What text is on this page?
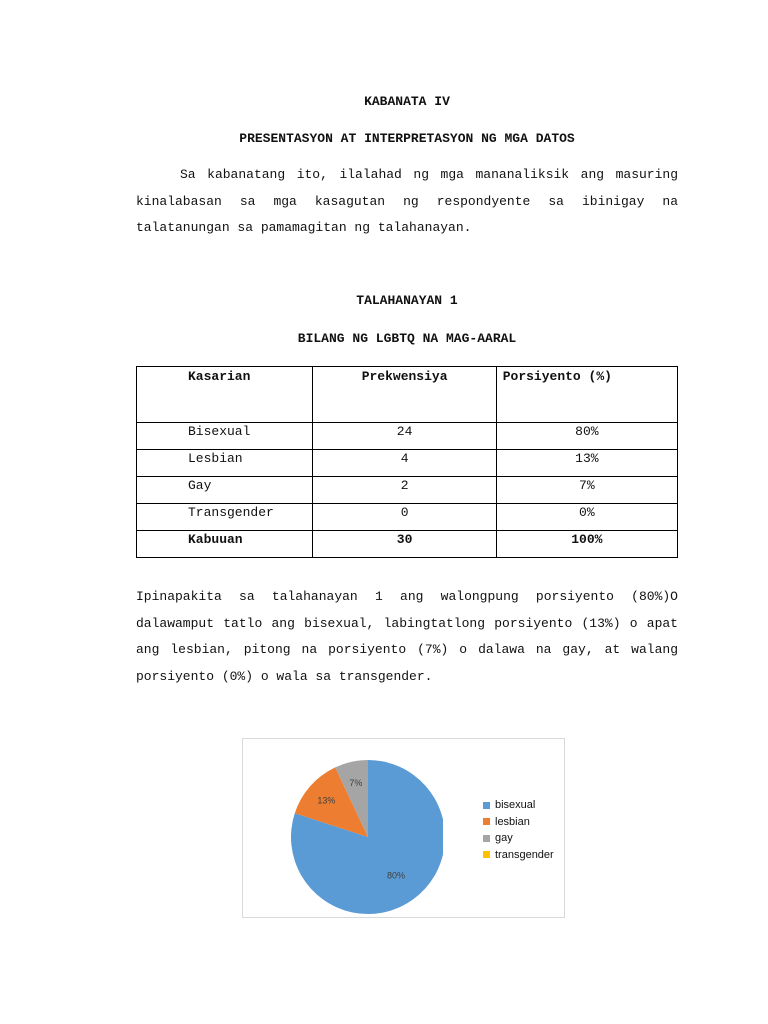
KABANATA IV
PRESENTASYON AT INTERPRETASYON NG MGA DATOS
Sa kabanatang ito, ilalahad ng mga mananaliksik ang masuring kinalabasan sa mga kasagutan ng respondyente sa ibinigay na talatanungan sa pamamagitan ng talahanayan.
TALAHANAYAN 1
BILANG NG LGBTQ NA MAG-AARAL
Kasarian	Prekwensiya	Porsiyento (%)
Bisexual	24	80%
Lesbian	4	13%
Gay	2	7%
Transgender	0	0%
Kabuuan	30	100%
Ipinapakita sa talahanayan 1 ang walongpung porsiyento (80%)O dalawamput tatlo ang bisexual, labingtatlong porsiyento (13%) o apat ang lesbian, pitong na porsiyento (7%) o dalawa na gay, at walang porsiyento (0%) o wala sa transgender.
80%
13%
7%
bisexual
lesbian
gay
transgender
